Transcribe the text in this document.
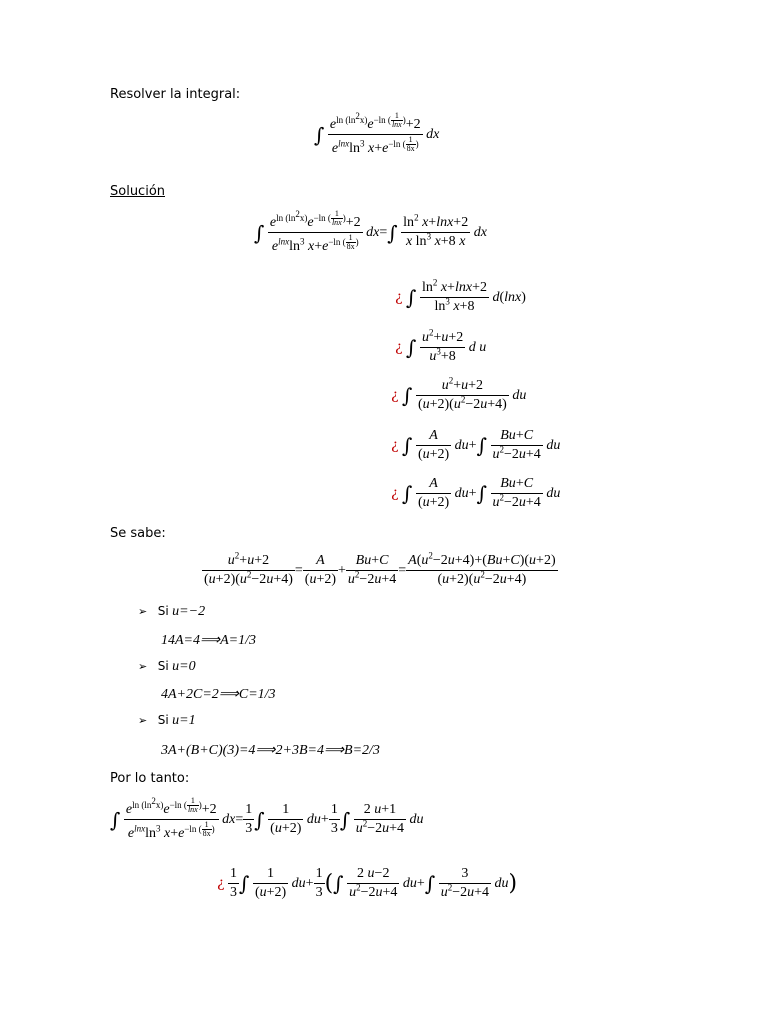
Resolver la integral:
∫ $e^{ln (ln^2x)}e^{-ln ( \frac{1}{\ln x} )}+2$
$e^{lnx}\ln^3$ $x+e^{-ln ( \frac{1}{8x} )}$ dx
Solución
∫ $e^{ln (ln^2x)}e^{-ln ( \frac{1}{\ln x} )}+2$
$e^{lnx}\ln^3$ $x+e^{-ln ( \frac{1}{8x} )}$ $dx=\int \frac{\ln^2 x+\ln x+2}{x \ln^3 x+8 x}$ dx
¿ ∫ $\frac{\ln^2 x+\ln x+2}{\ln^3 x+8} d(\ln x)$
¿ ∫ $\frac{u^2+u+2}{u^3+8}$ d u
¿ ∫ $\frac{u^2+u+2}{(u+2)(u^2-2u+4)}$ du
¿ ∫ $\frac{A}{(u+2)} du+\int \frac{Bu+C}{u^2-2u+4}$ du
¿ ∫ $\frac{A}{(u+2)} du+\int \frac{Bu+C}{u^2-2u+4}$ du
Se sabe:
$\frac{u^2+u+2}{(u+2)(u^2-2u+4)} = \frac{A}{(u+2)} + \frac{Bu+C}{u^2-2u+4} = \frac{A(u^2-2u+4)+(Bu+C)(u+2)}{(u+2)(u^2-2u+4)}$
➢ Si u=−2
14A=4⟹A=1/3
➢ Si u=0
4A+2C=2⟹C=1/3
➢ Si u=1
3A+(B+C)(3)=4⟹2+3B=4⟹B=2/3
Por lo tanto:
∫ $e^{ln (ln^2x)}e^{-ln ( \frac{1}{\ln x} )}+2$
$e^{lnx}\ln^3$ $x+e^{-ln ( \frac{1}{8x} )}$ $dx= \frac{1}{3}$ ∫ $\frac{1}{(u+2)} du+ \frac{1}{3}$ ∫ $\frac{2 u+1}{u^2-2u+4}$ du
¿ $\frac{1}{3}$ ∫ $\frac{1}{(u+2)} du+ \frac{1}{3}$ (∫ $\frac{2 u-2}{u^2-2u+4} du+\int \frac{3}{u^2-2u+4} du$)
